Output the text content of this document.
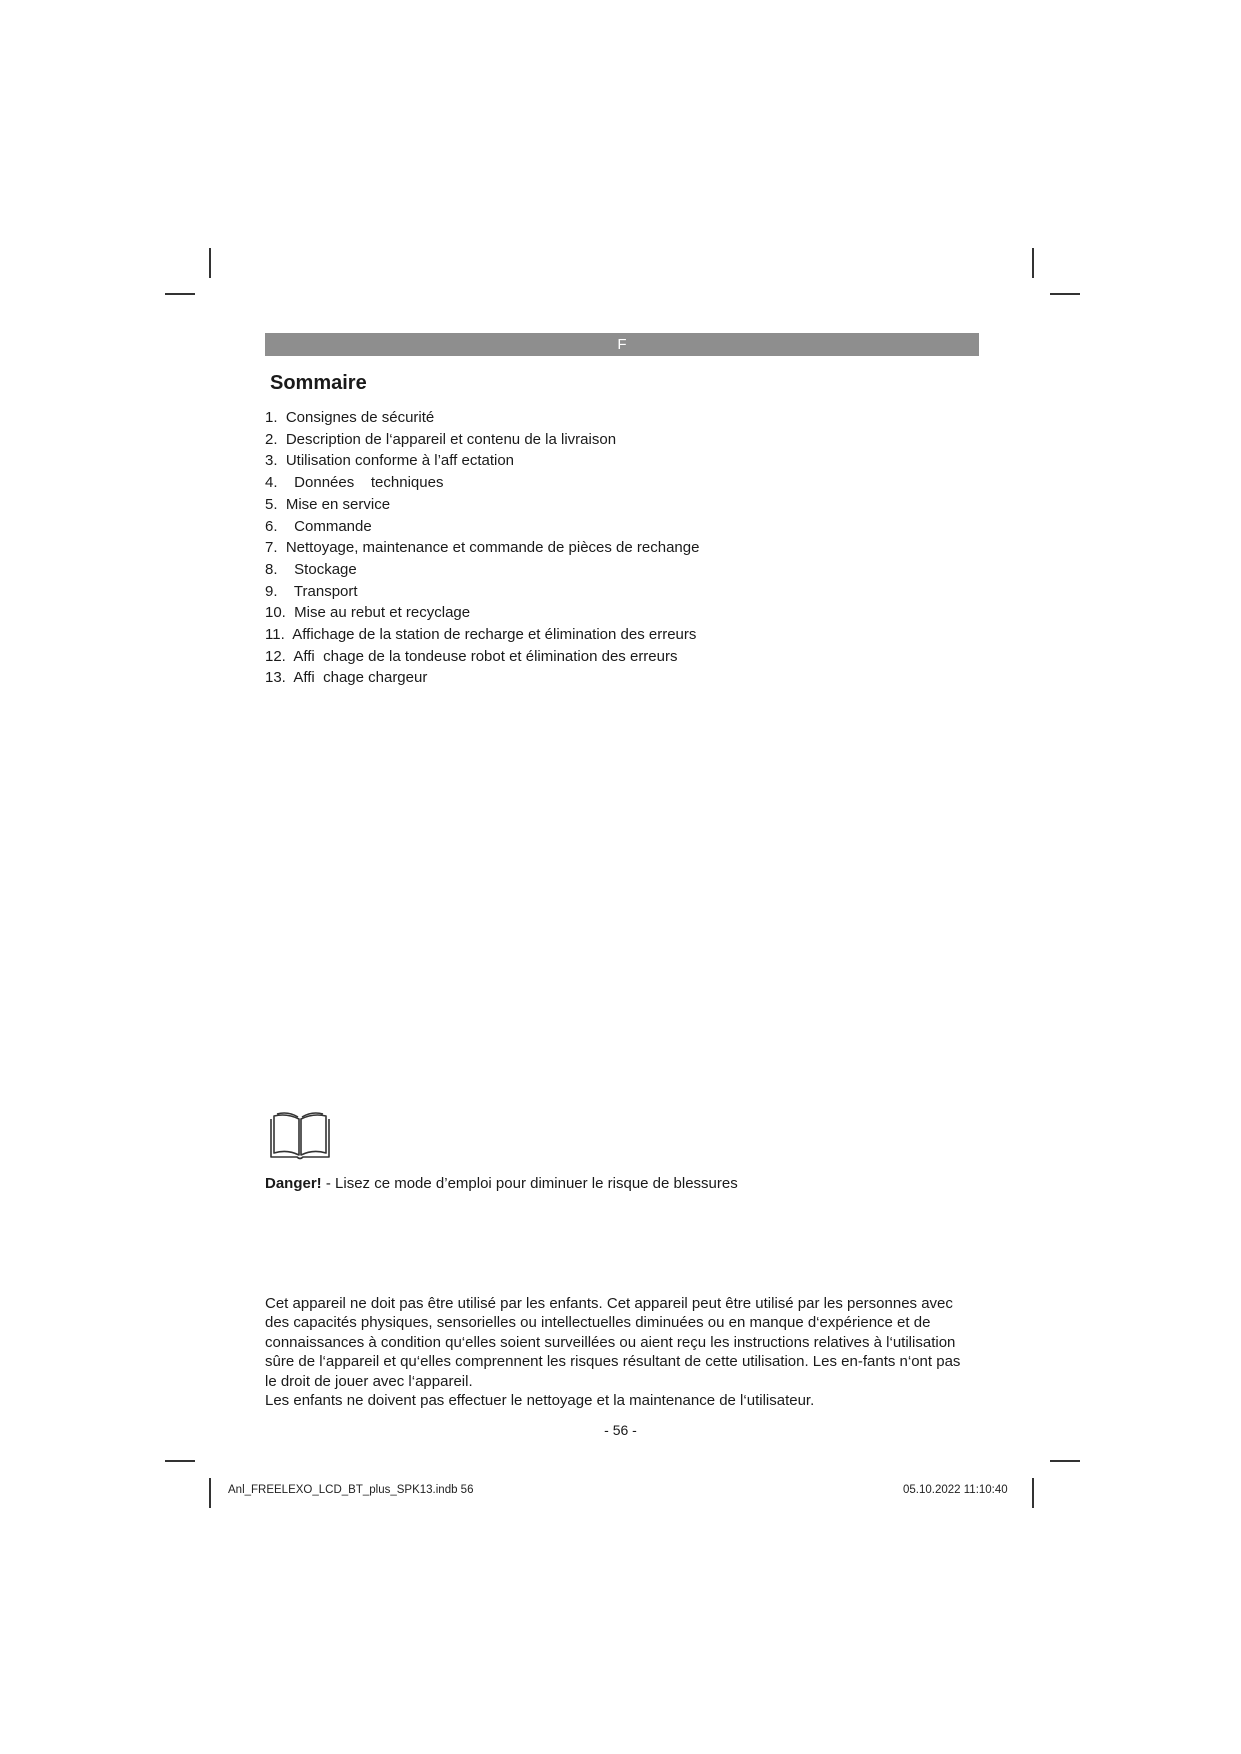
F
Sommaire
1.  Consignes de sécurité
2.  Description de l‘appareil et contenu de la livraison
3.  Utilisation conforme à l’aff ectation
4.    Données    techniques
5.  Mise en service
6.    Commande
7.  Nettoyage, maintenance et commande de pièces de rechange
8.    Stockage
9.    Transport
10.  Mise au rebut et recyclage
11.  Affichage de la station de recharge et élimination des erreurs
12.  Affi  chage de la tondeuse robot et élimination des erreurs
13.  Affi  chage chargeur
Danger! - Lisez ce mode d’emploi pour diminuer le risque de blessures

Cet appareil ne doit pas être utilisé par les enfants. Cet appareil peut être utilisé par les personnes avec des capacités physiques, sensorielles ou intellectuelles diminuées ou en manque d‘expérience et de connaissances à condition qu‘elles soient surveillées ou aient reçu les instructions relatives à l‘utilisation sûre de l‘appareil et qu‘elles comprennent les risques résultant de cette utilisation. Les en-fants n‘ont pas le droit de jouer avec l‘appareil.

Les enfants ne doivent pas effectuer le nettoyage et la maintenance de l‘utilisateur.

- 56 -
Anl_FREELEXO_LCD_BT_plus_SPK13.indb 56	05.10.2022 11:10:40
